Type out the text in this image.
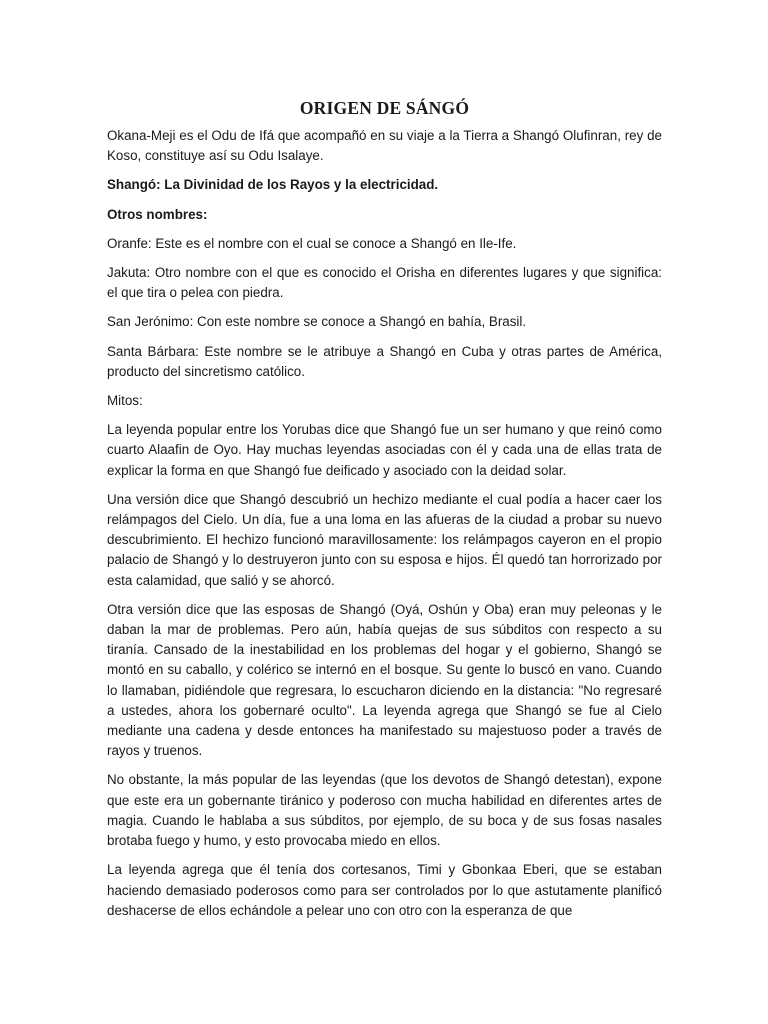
ORIGEN DE SÁNGÓ

Okana-Meji es el Odu de Ifá que acompañó en su viaje a la Tierra a Shangó Olufinran, rey de Koso, constituye así su Odu Isalaye.

Shangó: La Divinidad de los Rayos y la electricidad.

Otros nombres:

Oranfe: Este es el nombre con el cual se conoce a Shangó en Ile-Ife.

Jakuta: Otro nombre con el que es conocido el Orisha en diferentes lugares y que significa: el que tira o pelea con piedra.

San Jerónimo: Con este nombre se conoce a Shangó en bahía, Brasil.

Santa Bárbara: Este nombre se le atribuye a Shangó en Cuba y otras partes de América, producto del sincretismo católico.

Mitos:

La leyenda popular entre los Yorubas dice que Shangó fue un ser humano y que reinó como cuarto Alaafin de Oyo. Hay muchas leyendas asociadas con él y cada una de ellas trata de explicar la forma en que Shangó fue deificado y asociado con la deidad solar.

Una versión dice que Shangó descubrió un hechizo mediante el cual podía a hacer caer los relámpagos del Cielo. Un día, fue a una loma en las afueras de la ciudad a probar su nuevo descubrimiento. El hechizo funcionó maravillosamente: los relámpagos cayeron en el propio palacio de Shangó y lo destruyeron junto con su esposa e hijos. Él quedó tan horrorizado por esta calamidad, que salió y se ahorcó.

Otra versión dice que las esposas de Shangó (Oyá, Oshún y Oba) eran muy peleonas y le daban la mar de problemas. Pero aún, había quejas de sus súbditos con respecto a su tiranía. Cansado de la inestabilidad en los problemas del hogar y el gobierno, Shangó se montó en su caballo, y colérico se internó en el bosque. Su gente lo buscó en vano. Cuando lo llamaban, pidiéndole que regresara, lo escucharon diciendo en la distancia: "No regresaré a ustedes, ahora los gobernaré oculto". La leyenda agrega que Shangó se fue al Cielo mediante una cadena y desde entonces ha manifestado su majestuoso poder a través de rayos y truenos.

No obstante, la más popular de las leyendas (que los devotos de Shangó detestan), expone que este era un gobernante tiránico y poderoso con mucha habilidad en diferentes artes de magia. Cuando le hablaba a sus súbditos, por ejemplo, de su boca y de sus fosas nasales brotaba fuego y humo, y esto provocaba miedo en ellos.

La leyenda agrega que él tenía dos cortesanos, Timi y Gbonkaa Eberi, que se estaban haciendo demasiado poderosos como para ser controlados por lo que astutamente planificó deshacerse de ellos echándole a pelear uno con otro con la esperanza de que
